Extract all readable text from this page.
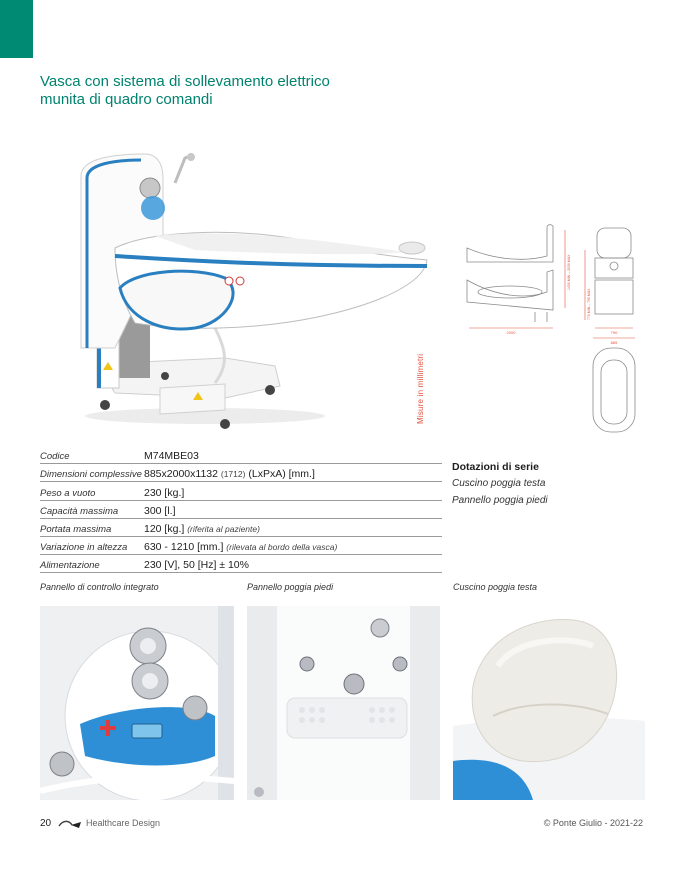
Vasca con sistema di sollevamento elettrico
munita di quadro comandi
2000
1430 MIN – 2030 MAX
770 MIN – 790 MAX
790
885
Misure in millimetri
Codice	M74MBE03
Dimensioni complessive	885x2000x1132 (1712) (LxPxA) [mm.]
Peso a vuoto	230 [kg.]
Capacità massima	300 [l.]
Portata massima	120 [kg.] (riferita al paziente)
Variazione in altezza	630 - 1210 [mm.] (rilevata al bordo della vasca)
Alimentazione	230 [V], 50 [Hz] ± 10%
Dotazioni di serie
Cuscino poggia testa
Pannello poggia piedi
Pannello di controllo integrato	Pannello poggia piedi	Cuscino poggia testa
20	Healthcare Design	© Ponte Giulio - 2021-22
